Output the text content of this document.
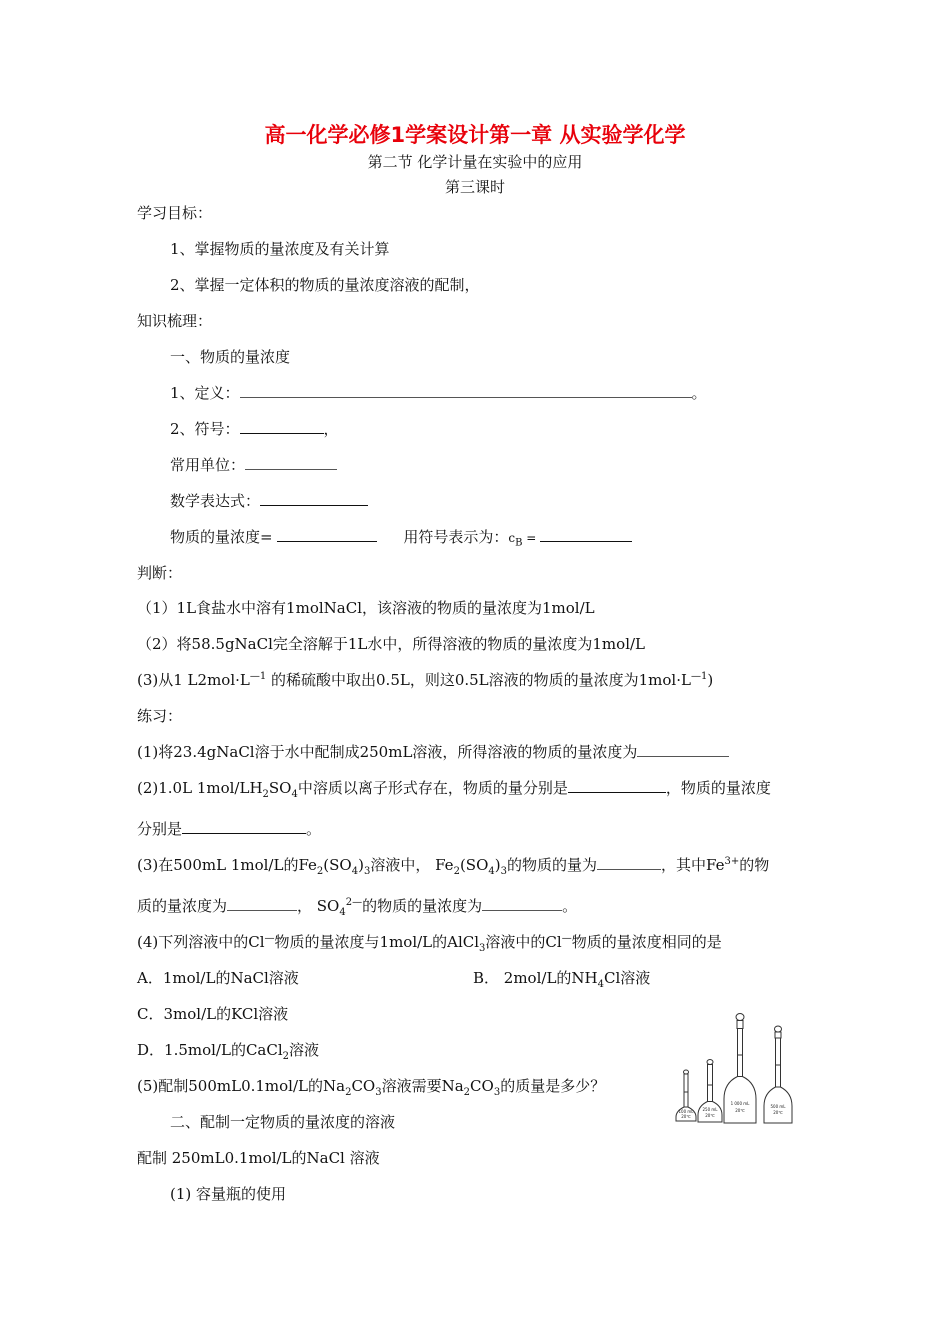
高一化学必修1学案设计第一章 从实验学化学
第二节 化学计量在实验中的应用
第三课时
学习目标：
1、掌握物质的量浓度及有关计算
2、掌握一定体积的物质的量浓度溶液的配制，
知识梳理：
一、物质的量浓度
1、定义：	。
2、符号：	，
常用单位：
数学表达式：
物质的量浓度=	用符号表示为：$c_B$ =
判断：
（1）1L食盐水中溶有1molNaCl，该溶液的物质的量浓度为1mol/L
（2）将58.5gNaCl完全溶解于1L水中，所得溶液的物质的量浓度为1mol/L
(3)从1 $L2mol\cdot L^{—1}$ 的稀硫酸中取出0.5L，则这0.5L溶液的物质的量浓度为$1mol\cdot L^{—1}$)
练习：
(1)将23.4gNaCl溶于水中配制成250mL溶液，所得溶液的物质的量浓度为
(2)1.0L $1mol/LH_2SO_4$中溶质以离子形式存在，物质的量分别是	，物质的量浓度
分别是	。
(3)在500mL 1mol/L的$Fe_2(SO_4)_3$溶液中， $Fe_2(SO_4)_3$的物质的量为	，其中$Fe^{3+}$的物
质的量浓度为	， $SO_4^{2—}$的物质的量浓度为	。
(4)下列溶液中的Cl—物质的量浓度与1mol/L的AlCl$_3$溶液中的Cl—物质的量浓度相同的是
A．1mol/L的NaCl溶液	B． 2mol/L的$NH_4Cl$溶液
C．3mol/L的KCl溶液
D．1.5mol/L的CaCl$_2$溶液
(5)配制500mL0.1mol/L的$Na_2CO_3$溶液需要$Na_2CO_3$的质量是多少？
二、配制一定物质的量浓度的溶液
配制 250mL0.1mol/L的NaCl 溶液
(1) 容量瓶的使用
100 mL
20℃
250 mL
20℃
1 000 mL
20℃
500 mL
20℃
